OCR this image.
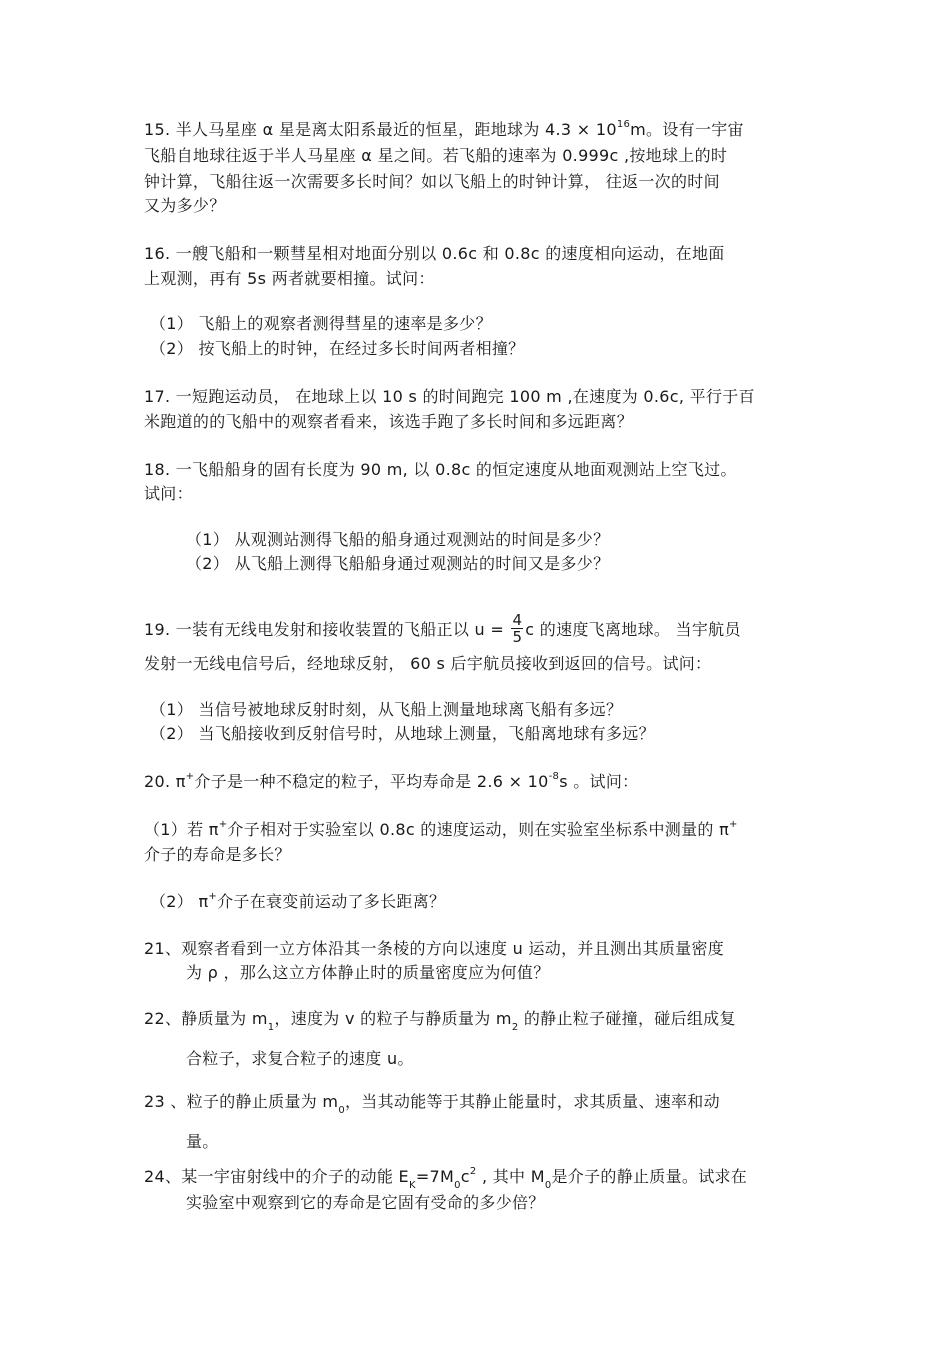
15. 半人马星座 α 星是离太阳系最近的恒星，距地球为 $4.3 \times 10^{16}m$。设有一宇宙
飞船自地球往返于半人马星座 α 星之间。若飞船的速率为 0.999c ,按地球上的时
钟计算，飞船往返一次需要多长时间？如以飞船上的时钟计算， 往返一次的时间
又为多少？
16. 一艘飞船和一颗彗星相对地面分别以 0.6c 和 0.8c 的速度相向运动，在地面
上观测，再有 5s 两者就要相撞。试问：
（1） 飞船上的观察者测得彗星的速率是多少？
（2） 按飞船上的时钟，在经过多长时间两者相撞？
17. 一短跑运动员， 在地球上以 10 s 的时间跑完 100 m ,在速度为 0.6c, 平行于百
米跑道的的飞船中的观察者看来，该选手跑了多长时间和多远距离？
18. 一飞船船身的固有长度为 90 m, 以 0.8c 的恒定速度从地面观测站上空飞过。
试问：
（1） 从观测站测得飞船的船身通过观测站的时间是多少？
（2） 从飞船上测得飞船船身通过观测站的时间又是多少？
19. 一装有无线电发射和接收装置的飞船正以 $u = \frac{4}{5}$ c 的速度飞离地球。 当宇航员
发射一无线电信号后，经地球反射， 60 s 后宇航员接收到返回的信号。试问：
（1） 当信号被地球反射时刻，从飞船上测量地球离飞船有多远？
（2） 当飞船接收到反射信号时，从地球上测量，飞船离地球有多远？
20. π+介子是一种不稳定的粒子，平均寿命是 $2.6 \times 10^{-8}s$ 。试问：
（1）若 π+介子相对于实验室以 0.8c 的速度运动，则在实验室坐标系中测量的 π+
介子的寿命是多长？
（2） π+介子在衰变前运动了多长距离？
21、观察者看到一立方体沿其一条棱的方向以速度 u 运动，并且测出其质量密度
为 ρ ，那么这立方体静止时的质量密度应为何值？
22、静质量为 $m_1$，速度为 v 的粒子与静质量为 $m_2$ 的静止粒子碰撞，碰后组成复
合粒子，求复合粒子的速度 u。
23 、粒子的静止质量为 $m_0$，当其动能等于其静止能量时，求其质量、速率和动
量。
24、某一宇宙射线中的介子的动能 $E_K=7M_0c^2$ , 其中 $M_0$是介子的静止质量。试求在
实验室中观察到它的寿命是它固有受命的多少倍？
